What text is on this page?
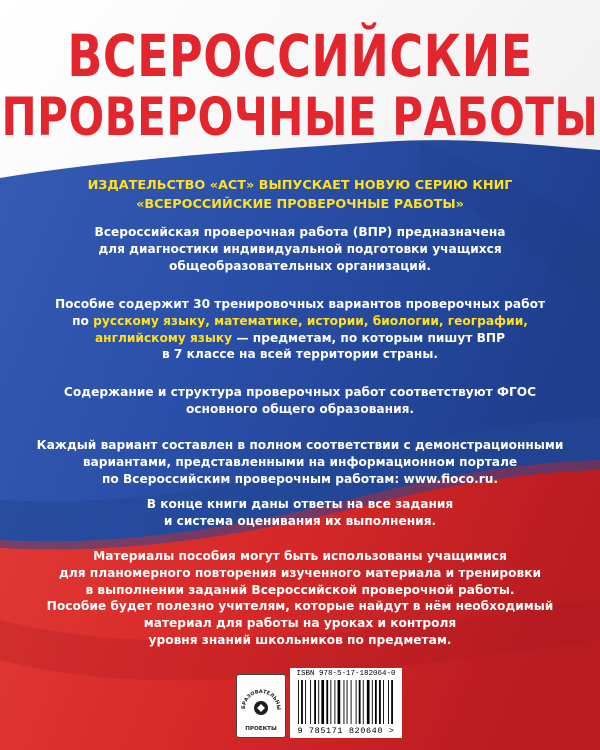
ВСЕРОССИЙСКИЕ
ПРОВЕРОЧНЫЕ РАБОТЫ
ИЗДАТЕЛЬСТВО «АСТ» ВЫПУСКАЕТ НОВУЮ СЕРИЮ КНИГ
«ВСЕРОССИЙСКИЕ ПРОВЕРОЧНЫЕ РАБОТЫ»
Всероссийская проверочная работа (ВПР) предназначена
для диагностики индивидуальной подготовки учащихся
общеобразовательных организаций.
Пособие содержит 30 тренировочных вариантов проверочных работ
по русскому языку, математике, истории, биологии, географии,
английскому языку — предметам, по которым пишут ВПР
в 7 классе на всей территории страны.
Содержание и структура проверочных работ соответствуют ФГОС
основного общего образования.
Каждый вариант составлен в полном соответствии с демонстрационными
вариантами, представленными на информационном портале
по Всероссийским проверочным работам: www.fioco.ru.
В конце книги даны ответы на все задания
и система оценивания их выполнения.
Материалы пособия могут быть использованы учащимися
для планомерного повторения изученного материала и тренировки
в выполнении заданий Всероссийской проверочной работы.
Пособие будет полезно учителям, которые найдут в нём необходимый
материал для работы на уроках и контроля
уровня знаний школьников по предметам.
БРАЗОВАТЕЛЬНЫ
ПРОЕКТЫ
ISBN 978-5-17-182064-0
9 785171 820640 >
